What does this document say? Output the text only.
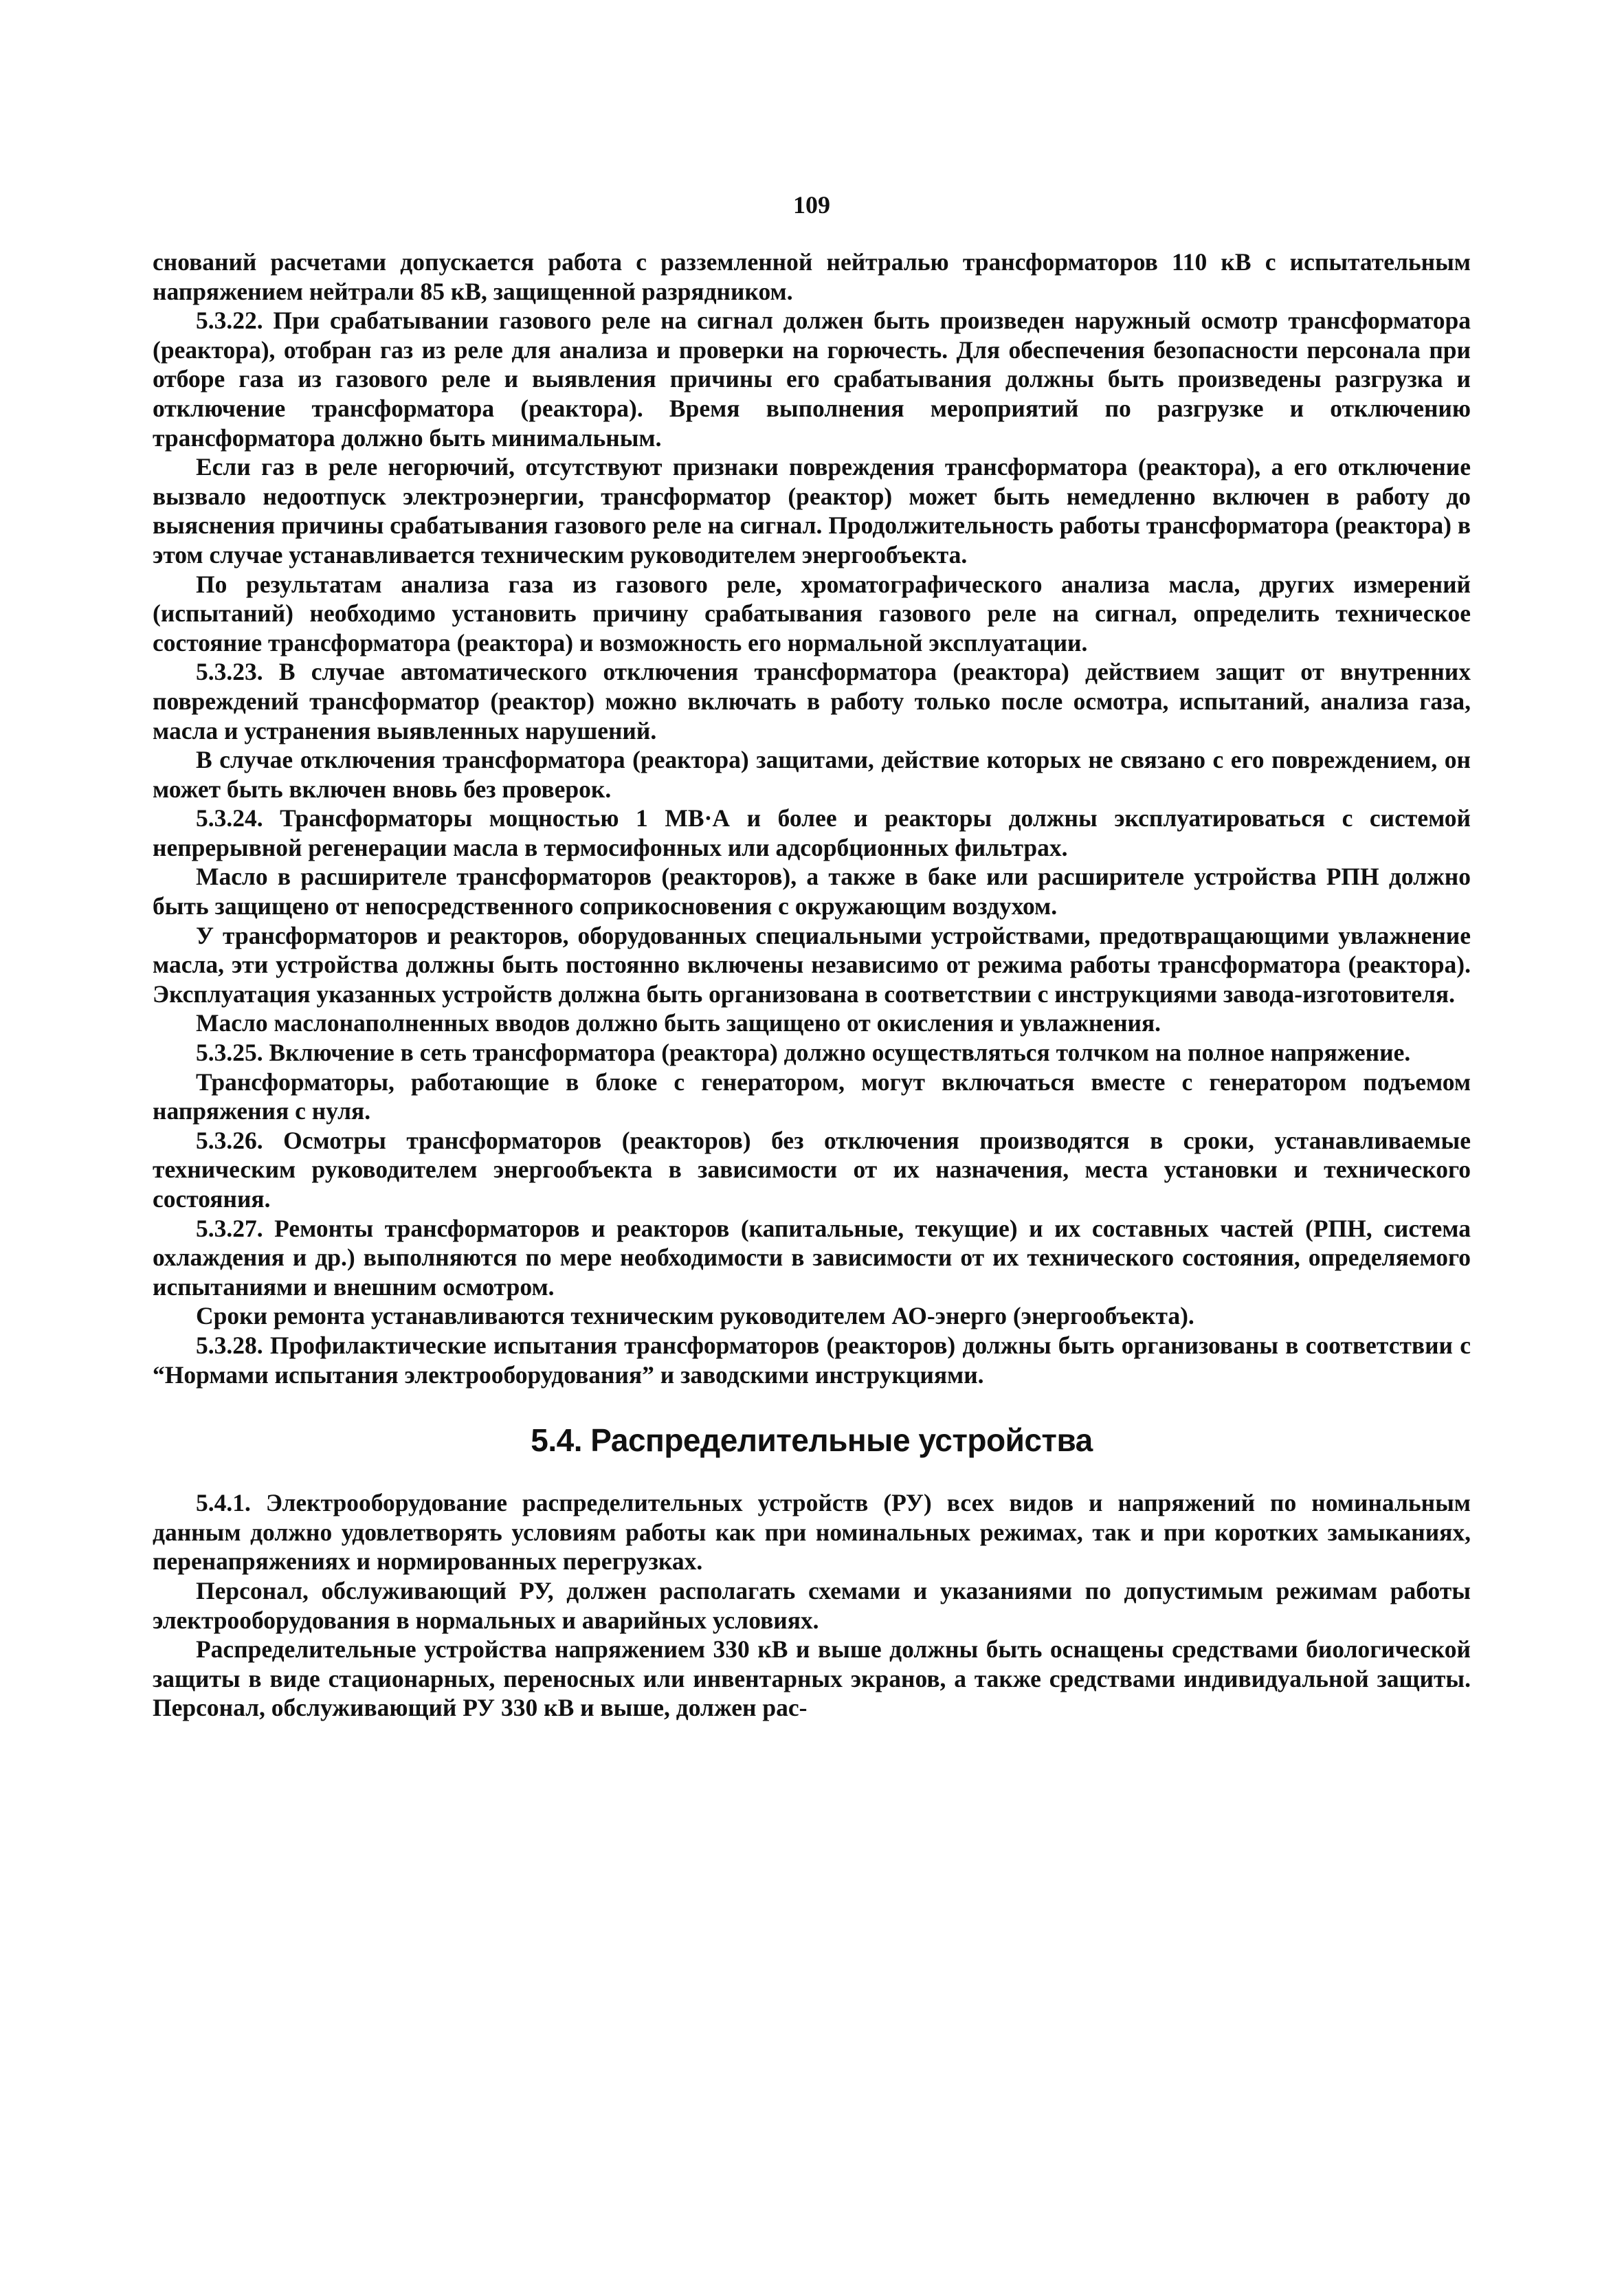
109

снований расчетами допускается работа с разземленной нейтралью трансформаторов 110 кВ с испытательным напряжением нейтрали 85 кВ, защищенной разрядником.

5.3.22. При срабатывании газового реле на сигнал должен быть произведен наружный осмотр трансформатора (реактора), отобран газ из реле для анализа и проверки на горючесть. Для обеспечения безопасности персонала при отборе газа из газового реле и выявления причины его срабатывания должны быть произведены разгрузка и отключение трансформатора (реактора). Время выполнения мероприятий по разгрузке и отключению трансформатора должно быть минимальным.

Если газ в реле негорючий, отсутствуют признаки повреждения трансформатора (реактора), а его отключение вызвало недоотпуск электроэнергии, трансформатор (реактор) может быть немедленно включен в работу до выяснения причины срабатывания газового реле на сигнал. Продолжительность работы трансформатора (реактора) в этом случае устанавливается техническим руководителем энергообъекта.

По результатам анализа газа из газового реле, хроматографического анализа масла, других измерений (испытаний) необходимо установить причину срабатывания газового реле на сигнал, определить техническое состояние трансформатора (реактора) и возможность его нормальной эксплуатации.

5.3.23. В случае автоматического отключения трансформатора (реактора) действием защит от внутренних повреждений трансформатор (реактор) можно включать в работу только после осмотра, испытаний, анализа газа, масла и устранения выявленных нарушений.

В случае отключения трансформатора (реактора) защитами, действие которых не связано с его повреждением, он может быть включен вновь без проверок.

5.3.24. Трансформаторы мощностью 1 МВ·А и более и реакторы должны эксплуатироваться с системой непрерывной регенерации масла в термосифонных или адсорбционных фильтрах.

Масло в расширителе трансформаторов (реакторов), а также в баке или расширителе устройства РПН должно быть защищено от непосредственного соприкосновения с окружающим воздухом.

У трансформаторов и реакторов, оборудованных специальными устройствами, предотвращающими увлажнение масла, эти устройства должны быть постоянно включены независимо от режима работы трансформатора (реактора). Эксплуатация указанных устройств должна быть организована в соответствии с инструкциями завода-изготовителя.

Масло маслонаполненных вводов должно быть защищено от окисления и увлажнения.

5.3.25. Включение в сеть трансформатора (реактора) должно осуществляться толчком на полное напряжение.

Трансформаторы, работающие в блоке с генератором, могут включаться вместе с генератором подъемом напряжения с нуля.

5.3.26. Осмотры трансформаторов (реакторов) без отключения производятся в сроки, устанавливаемые техническим руководителем энергообъекта в зависимости от их назначения, места установки и технического состояния.

5.3.27. Ремонты трансформаторов и реакторов (капитальные, текущие) и их составных частей (РПН, система охлаждения и др.) выполняются по мере необходимости в зависимости от их технического состояния, определяемого испытаниями и внешним осмотром.

Сроки ремонта устанавливаются техническим руководителем АО-энерго (энергообъекта).

5.3.28. Профилактические испытания трансформаторов (реакторов) должны быть организованы в соответствии с “Нормами испытания электрооборудования” и заводскими инструкциями.

5.4. Распределительные устройства

5.4.1. Электрооборудование распределительных устройств (РУ) всех видов и напряжений по номинальным данным должно удовлетворять условиям работы как при номинальных режимах, так и при коротких замыканиях, перенапряжениях и нормированных перегрузках.

Персонал, обслуживающий РУ, должен располагать схемами и указаниями по допустимым режимам работы электрооборудования в нормальных и аварийных условиях.

Распределительные устройства напряжением 330 кВ и выше должны быть оснащены средствами биологической защиты в виде стационарных, переносных или инвентарных экранов, а также средствами индивидуальной защиты. Персонал, обслуживающий РУ 330 кВ и выше, должен рас-
